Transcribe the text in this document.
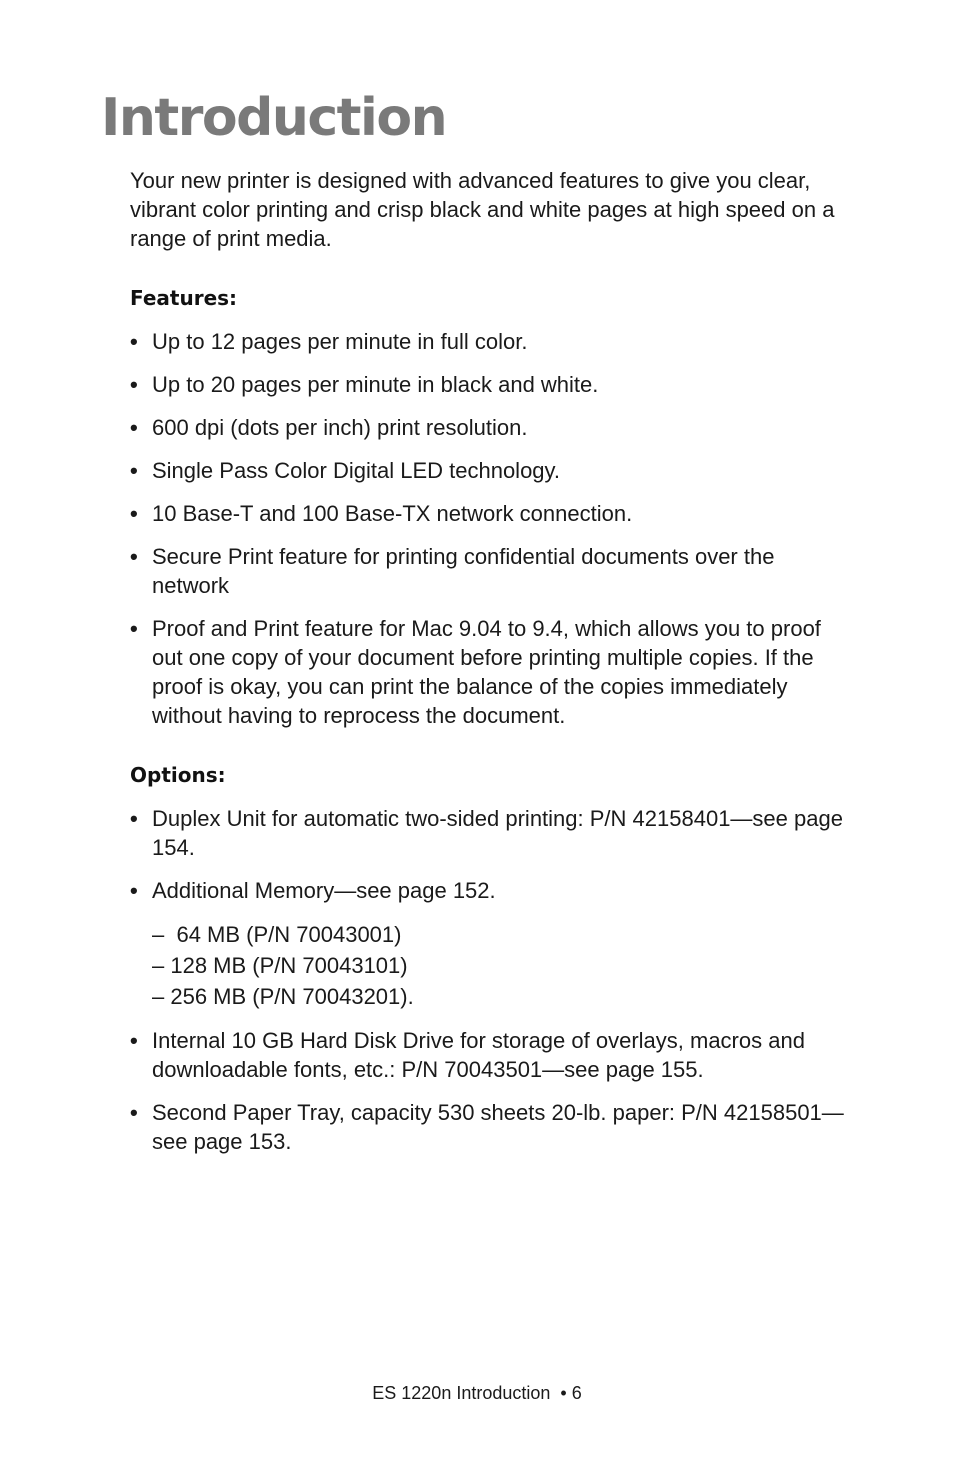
Introduction

Your new printer is designed with advanced features to give you clear, vibrant color printing and crisp black and white pages at high speed on a range of print media.

Features:
• Up to 12 pages per minute in full color.
• Up to 20 pages per minute in black and white.
• 600 dpi (dots per inch) print resolution.
• Single Pass Color Digital LED technology.
• 10 Base-T and 100 Base-TX network connection.
• Secure Print feature for printing confidential documents over the network
• Proof and Print feature for Mac 9.04 to 9.4, which allows you to proof out one copy of your document before printing multiple copies. If the proof is okay, you can print the balance of the copies immediately without having to reprocess the document.
Options:
• Duplex Unit for automatic two-sided printing: P/N 42158401—see page 154.
• Additional Memory—see page 152.
–  64 MB (P/N 70043001)
– 128 MB (P/N 70043101)
– 256 MB (P/N 70043201).
• Internal 10 GB Hard Disk Drive for storage of overlays, macros and downloadable fonts, etc.: P/N 70043501—see page 155.
• Second Paper Tray, capacity 530 sheets 20-lb. paper: P/N 42158501—see page 153.
ES 1220n Introduction  • 6
